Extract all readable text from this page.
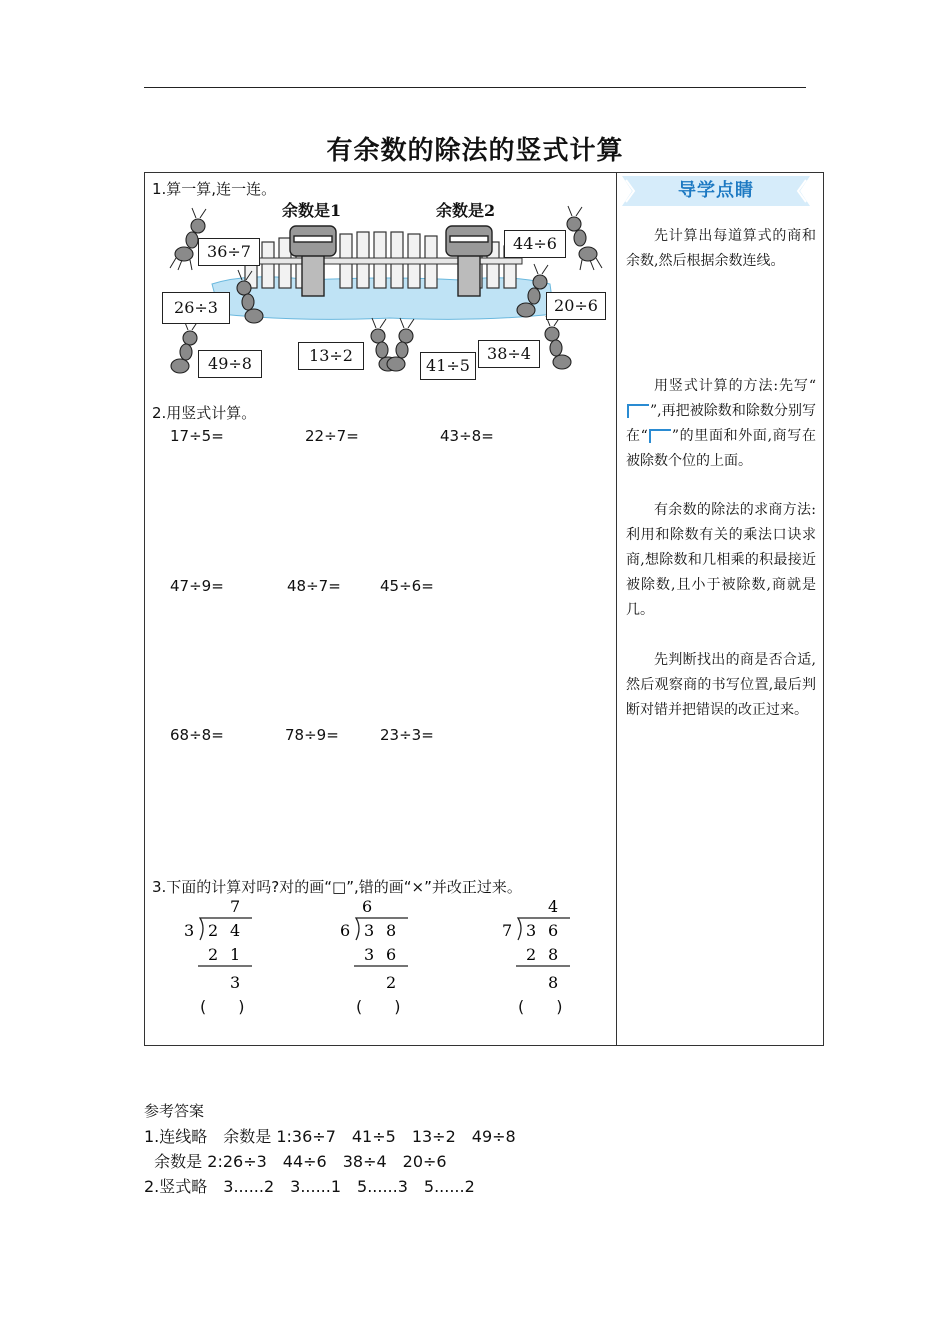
有余数的除法的竖式计算
1.算一算,连一连。
余数是1	余数是2
36÷7	44÷6
26÷3	20÷6
49÷8	13÷2
41÷5
38÷4
2.用竖式计算。
17÷5=	22÷7=	43÷8=
47÷9=	48÷7=	45÷6=
68÷8=	78÷9=	23÷3=
3.下面的计算对吗?对的画“□”,错的画“×”并改正过来。
7
3 2 4
2 1
3
(　　)
6
6 3 8
3 6
2
(　　)
4
7 3 6
2 8
8
(　　)
导学点睛

先计算出每道算式的商和余数,然后根据余数连线。

用竖式计算的方法:先写“”,再把被除数和除数分别写在“ ”的里面和外面,商写在被除数个位的上面。

有余数的除法的求商方法:利用和除数有关的乘法口诀求商,想除数和几相乘的积最接近被除数,且小于被除数,商就是几。

先判断找出的商是否合适,然后观察商的书写位置,最后判断对错并把错误的改正过来。

参考答案
1.连线略　余数是 1:36÷7　41÷5　13÷2　49÷8
余数是 2:26÷3　44÷6　38÷4　20÷6
2.竖式略　3......2　3......1　5......3　5......2
